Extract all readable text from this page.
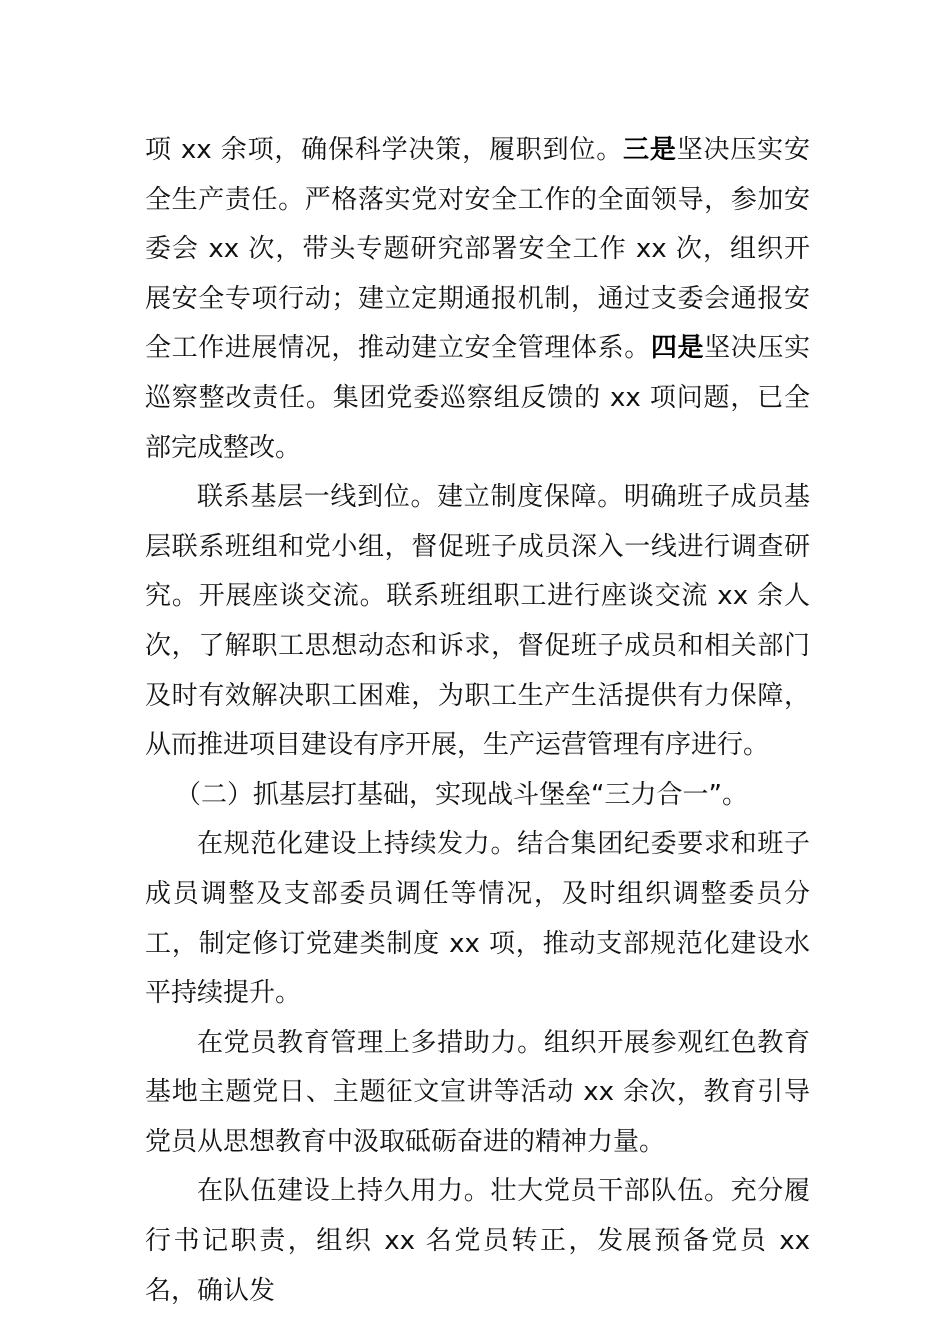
项 xx 余项，确保科学决策，履职到位。三是坚决压实安全生产责任。严格落实党对安全工作的全面领导，参加安委会 xx 次，带头专题研究部署安全工作 xx 次，组织开展安全专项行动；建立定期通报机制，通过支委会通报安全工作进展情况，推动建立安全管理体系。四是坚决压实巡察整改责任。集团党委巡察组反馈的 xx 项问题，已全部完成整改。

联系基层一线到位。建立制度保障。明确班子成员基层联系班组和党小组，督促班子成员深入一线进行调查研究。开展座谈交流。联系班组职工进行座谈交流 xx 余人次，了解职工思想动态和诉求，督促班子成员和相关部门及时有效解决职工困难，为职工生产生活提供有力保障，从而推进项目建设有序开展，生产运营管理有序进行。

（二）抓基层打基础，实现战斗堡垒“三力合一”。

在规范化建设上持续发力。结合集团纪委要求和班子成员调整及支部委员调任等情况，及时组织调整委员分工，制定修订党建类制度 xx 项，推动支部规范化建设水平持续提升。

在党员教育管理上多措助力。组织开展参观红色教育基地主题党日、主题征文宣讲等活动 xx 余次，教育引导党员从思想教育中汲取砥砺奋进的精神力量。

在队伍建设上持久用力。壮大党员干部队伍。充分履行书记职责，组织 xx 名党员转正，发展预备党员 xx 名，确认发
